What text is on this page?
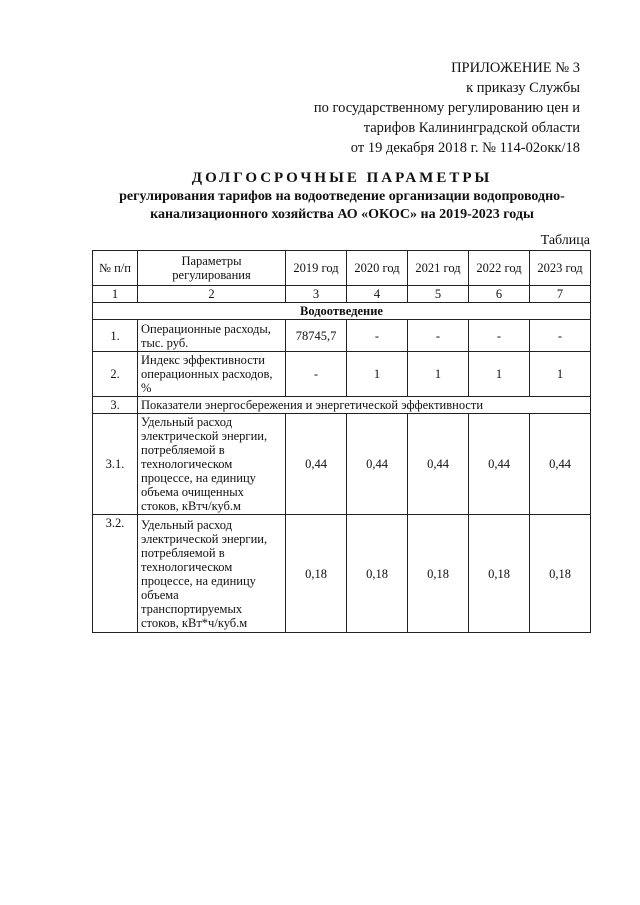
ПРИЛОЖЕНИЕ № 3
к приказу Службы
по государственному регулированию цен и
тарифов Калининградской области
от 19 декабря 2018 г. № 114-02окк/18
ДОЛГОСРОЧНЫЕ ПАРАМЕТРЫ
регулирования тарифов на водоотведение организации водопроводно-
канализационного хозяйства АО «ОКОС» на 2019-2023 годы
Таблица
№ п/п	Параметры регулирования	2019 год	2020 год	2021 год	2022 год	2023 год
1	2	3	4	5	6	7
Водоотведение						
1.	Операционные расходы, тыс. руб.	78745,7	-	-	-	-
2.	Индекс эффективности операционных расходов, %	-	1	1	1	1
3.	Показатели энергосбережения и энергетической эффективности					
3.1.	Удельный расход электрической энергии, потребляемой в технологическом процессе, на единицу объема очищенных стоков, кВтч/куб.м	0,44	0,44	0,44	0,44	0,44
3.2.	Удельный расход электрической энергии, потребляемой в технологическом процессе, на единицу объема транспортируемых стоков, кВт*ч/куб.м	0,18	0,18	0,18	0,18	0,18
